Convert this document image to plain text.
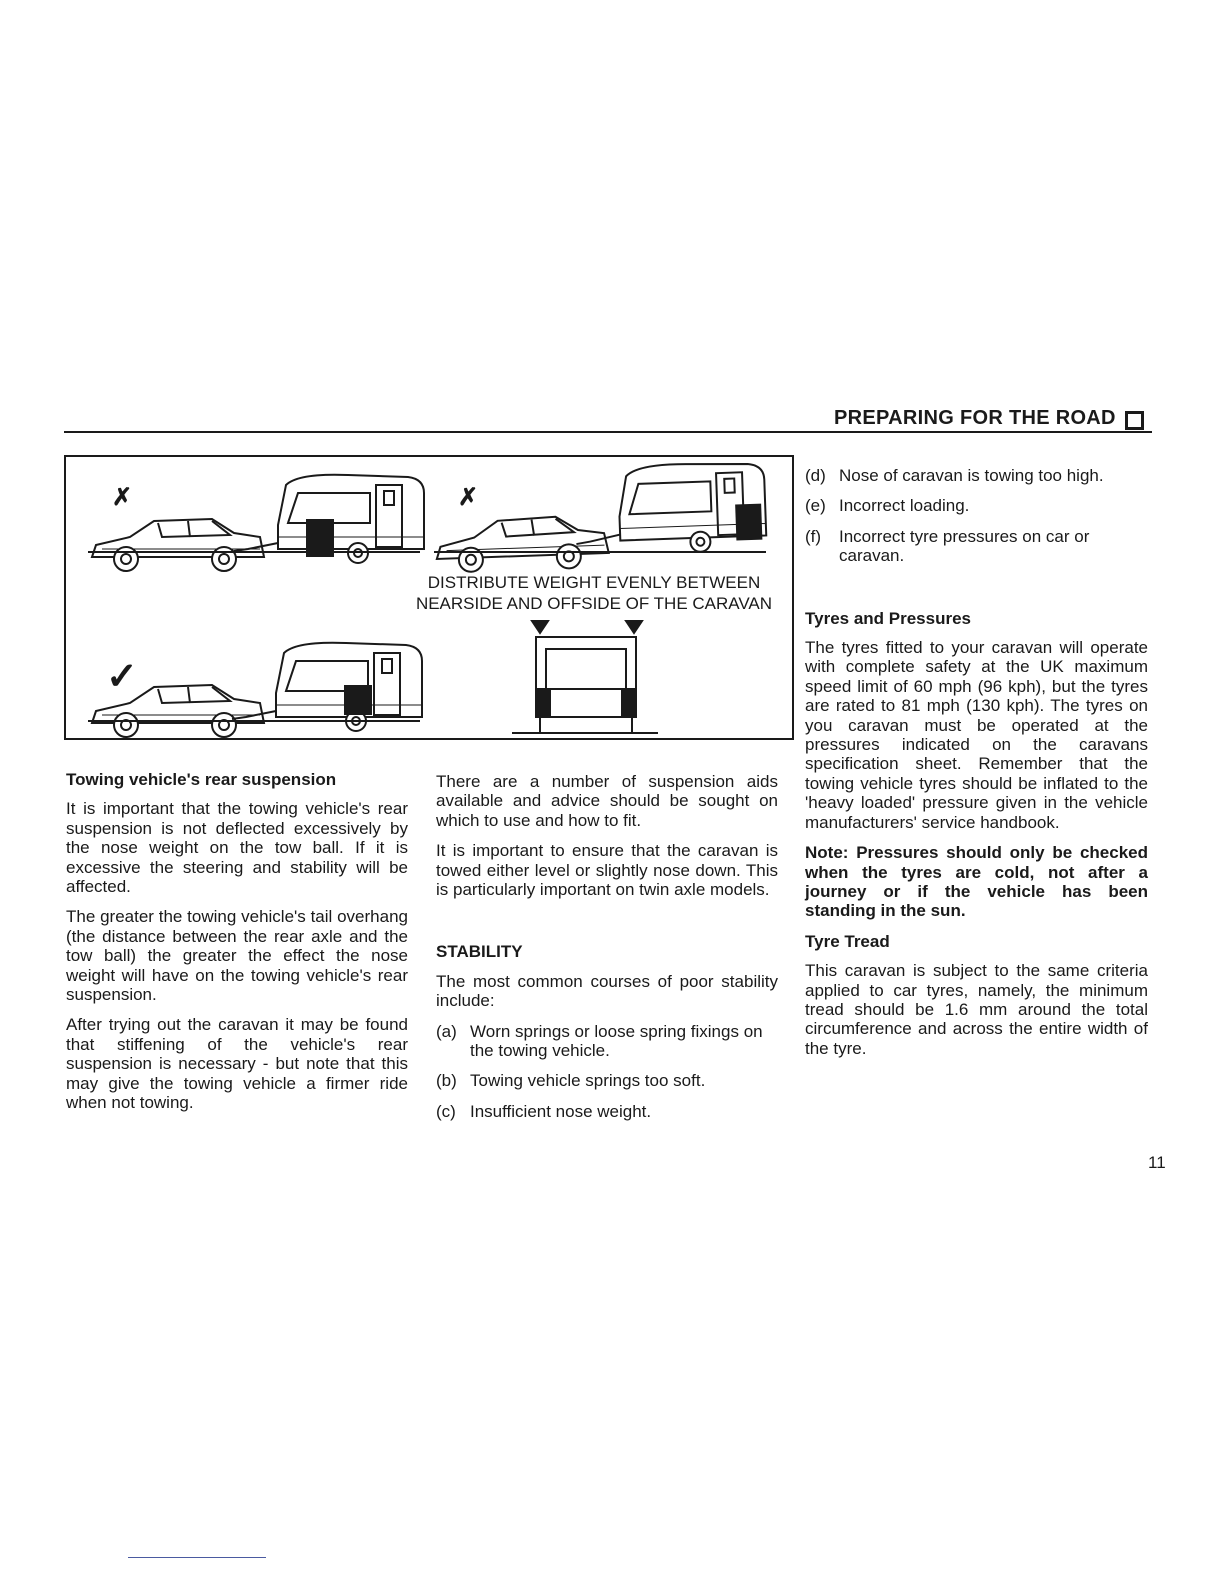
PREPARING FOR THE ROAD
✗	✗
DISTRIBUTE WEIGHT EVENLY BETWEEN
NEARSIDE AND OFFSIDE OF THE CARAVAN
✓
Towing vehicle's rear suspension

It is important that the towing vehicle's rear suspension is not deflected excessively by the nose weight on the tow ball. If it is excessive the steering and stability will be affected.

The greater the towing vehicle's tail overhang (the distance between the rear axle and the tow ball) the greater the effect the nose weight will have on the towing vehicle's rear suspension.

After trying out the caravan it may be found that stiffening of the vehicle's rear suspension is necessary - but note that this may give the towing vehicle a firmer ride when not towing.

There are a number of suspension aids available and advice should be sought on which to use and how to fit.

It is important to ensure that the caravan is towed either level or slightly nose down. This is particularly important on twin axle models.

STABILITY

The most common courses of poor stability include:

(a) Worn springs or loose spring fixings on the towing vehicle.
(b) Towing vehicle springs too soft.
(c) Insufficient nose weight.
(d) Nose of caravan is towing too high.
(e) Incorrect loading.
(f) Incorrect tyre pressures on car or caravan.
Tyres and Pressures

The tyres fitted to your caravan will operate with complete safety at the UK maximum speed limit of 60 mph (96 kph), but the tyres are rated to 81 mph (130 kph). The tyres on you caravan must be operated at the pressures indicated on the caravans specification sheet. Remember that the towing vehicle tyres should be inflated to the 'heavy loaded' pressure given in the vehicle manufacturers' service handbook.

Note: Pressures should only be checked when the tyres are cold, not after a journey or if the vehicle has been standing in the sun.

Tyre Tread

This caravan is subject to the same criteria applied to car tyres, namely, the minimum tread should be 1.6 mm around the total circumference and across the entire width of the tyre.

11
